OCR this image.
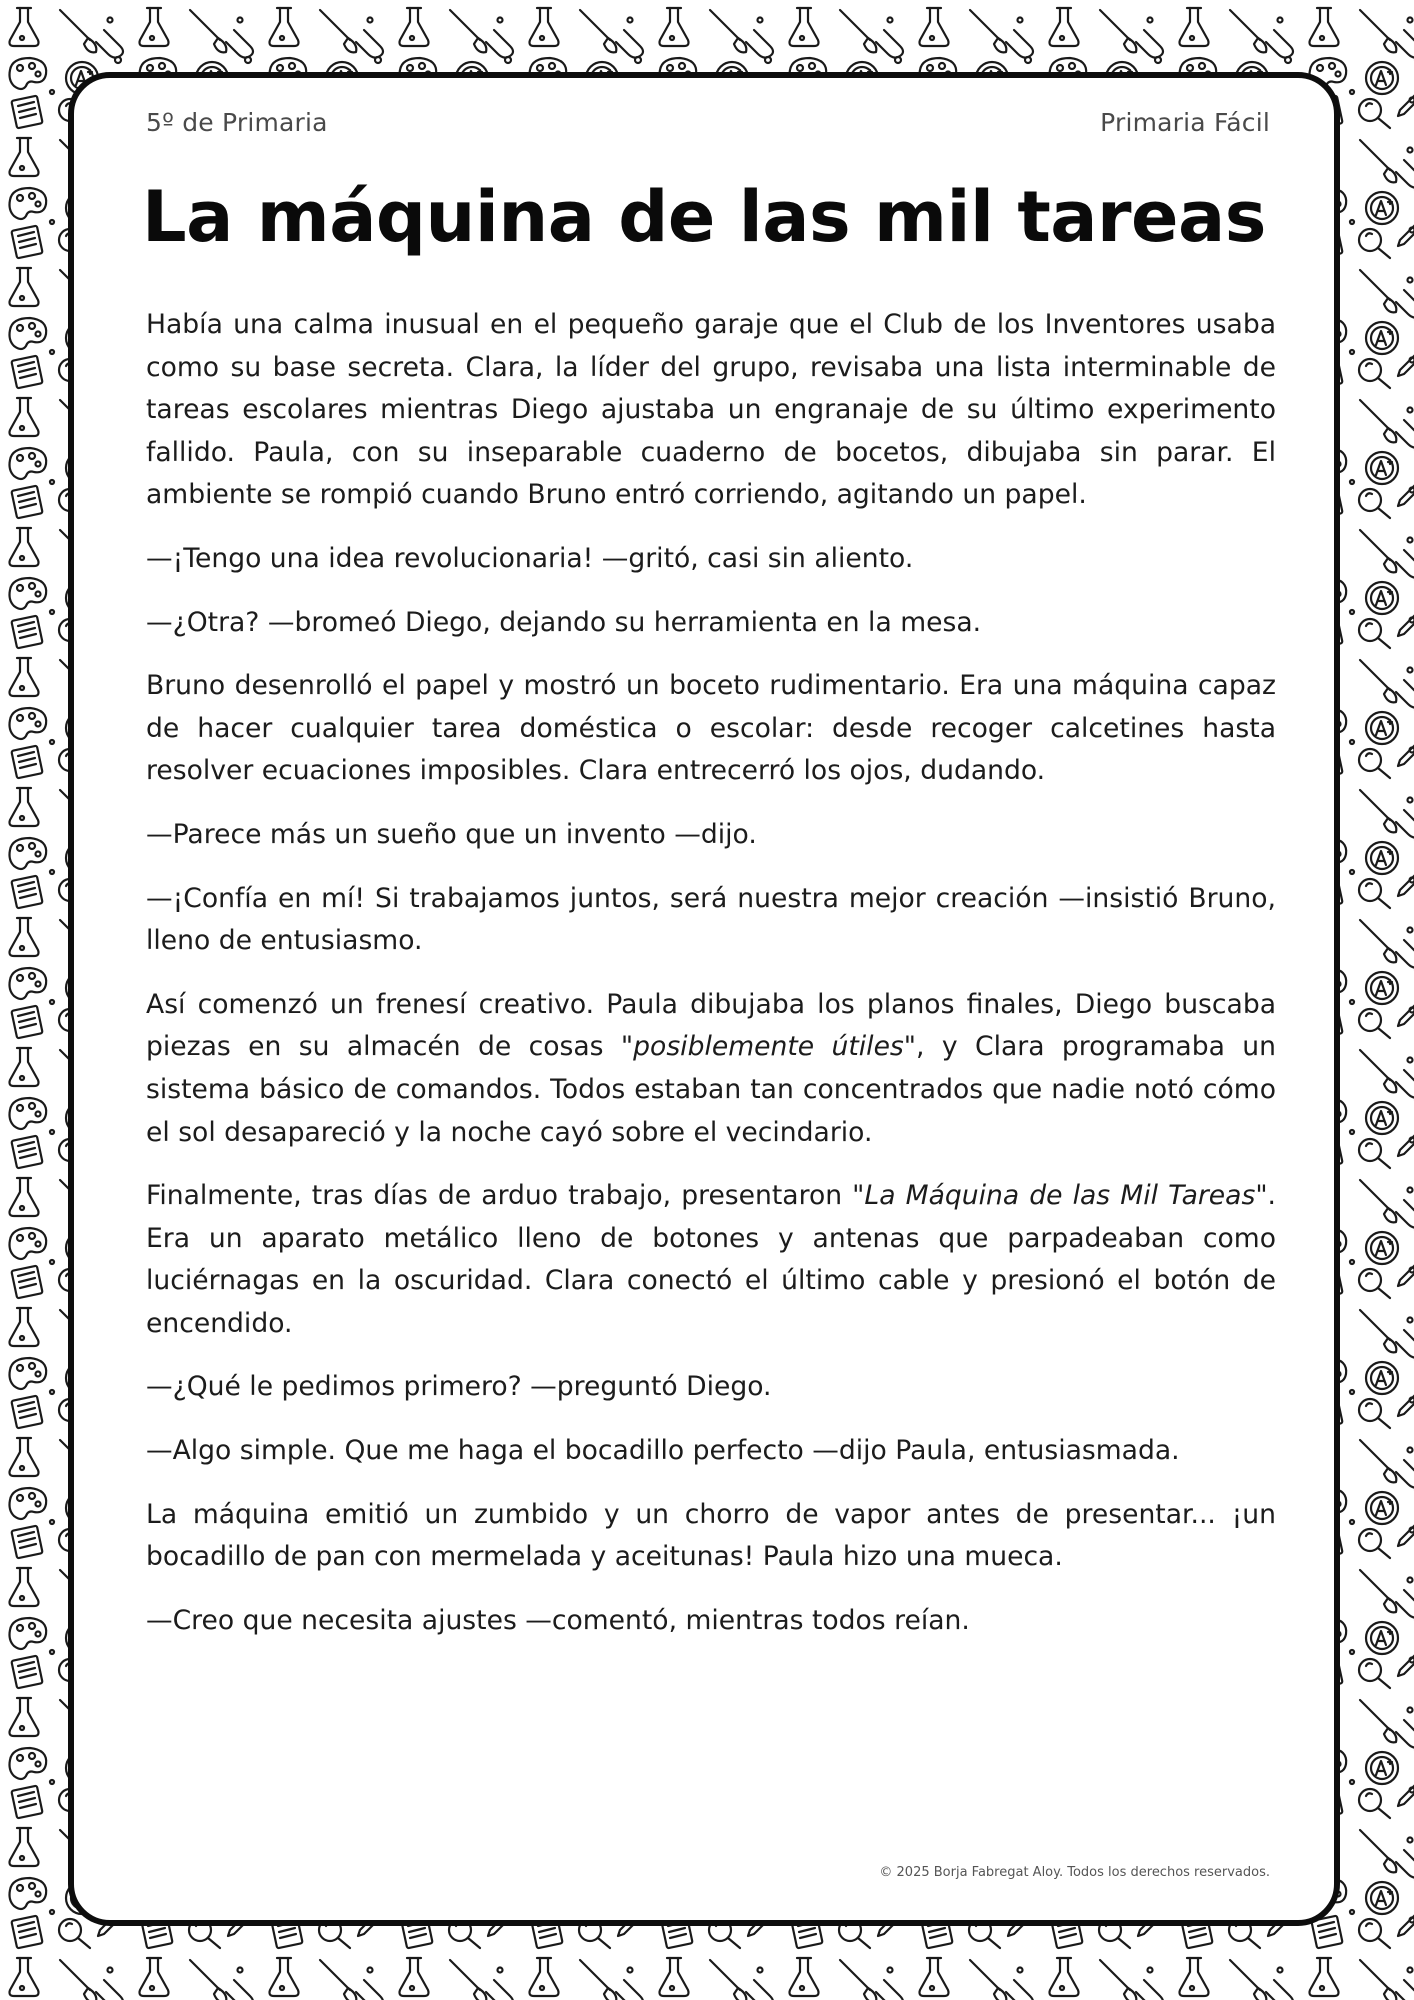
5º de Primaria	Primaria Fácil
La máquina de las mil tareas

Había una calma inusual en el pequeño garaje que el Club de los Inventores usaba como su base secreta. Clara, la líder del grupo, revisaba una lista interminable de tareas escolares mientras Diego ajustaba un engranaje de su último experimento fallido. Paula, con su inseparable cuaderno de bocetos, dibujaba sin parar. El ambiente se rompió cuando Bruno entró corriendo, agitando un papel.

—¡Tengo una idea revolucionaria! —gritó, casi sin aliento.

—¿Otra? —bromeó Diego, dejando su herramienta en la mesa.

Bruno desenrolló el papel y mostró un boceto rudimentario. Era una máquina capaz de hacer cualquier tarea doméstica o escolar: desde recoger calcetines hasta resolver ecuaciones imposibles. Clara entrecerró los ojos, dudando.

—Parece más un sueño que un invento —dijo.

—¡Confía en mí! Si trabajamos juntos, será nuestra mejor creación —insistió Bruno, lleno de entusiasmo.

Así comenzó un frenesí creativo. Paula dibujaba los planos finales, Diego buscaba piezas en su almacén de cosas "posiblemente útiles", y Clara programaba un sistema básico de comandos. Todos estaban tan concentrados que nadie notó cómo el sol desapareció y la noche cayó sobre el vecindario.

Finalmente, tras días de arduo trabajo, presentaron "La Máquina de las Mil Tareas". Era un aparato metálico lleno de botones y antenas que parpadeaban como luciérnagas en la oscuridad. Clara conectó el último cable y presionó el botón de encendido.

—¿Qué le pedimos primero? —preguntó Diego.

—Algo simple. Que me haga el bocadillo perfecto —dijo Paula, entusiasmada.

La máquina emitió un zumbido y un chorro de vapor antes de presentar... ¡un bocadillo de pan con mermelada y aceitunas! Paula hizo una mueca.

—Creo que necesita ajustes —comentó, mientras todos reían.

© 2025 Borja Fabregat Aloy. Todos los derechos reservados.
